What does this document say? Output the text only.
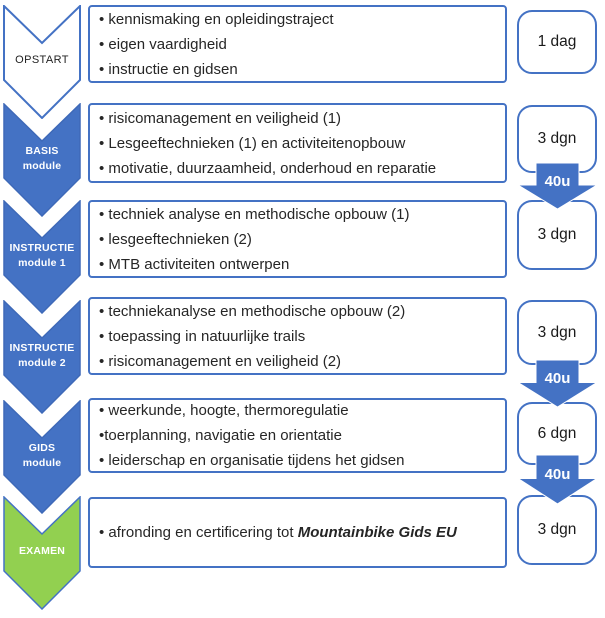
OPSTART

• kennismaking en opleidingstraject

• eigen vaardigheid

• instructie en gidsen

1 dag
BASIS
module

• risicomanagement en veiligheid (1)

• Lesgeeftechnieken (1) en activiteitenopbouw

• motivatie, duurzaamheid, onderhoud en reparatie

3 dgn
40u
INSTRUCTIE
module 1

• techniek analyse en methodische opbouw (1)

• lesgeeftechnieken (2)

• MTB activiteiten ontwerpen

3 dgn
INSTRUCTIE
module 2

• techniekanalyse en methodische opbouw (2)

• toepassing in natuurlijke trails

• risicomanagement en veiligheid (2)

3 dgn
40u
GIDS
module

• weerkunde, hoogte, thermoregulatie

•toerplanning, navigatie en orientatie

• leiderschap en organisatie tijdens het gidsen

6 dgn
40u
EXAMEN

• afronding en certificering tot Mountainbike Gids EU	3 dgn
